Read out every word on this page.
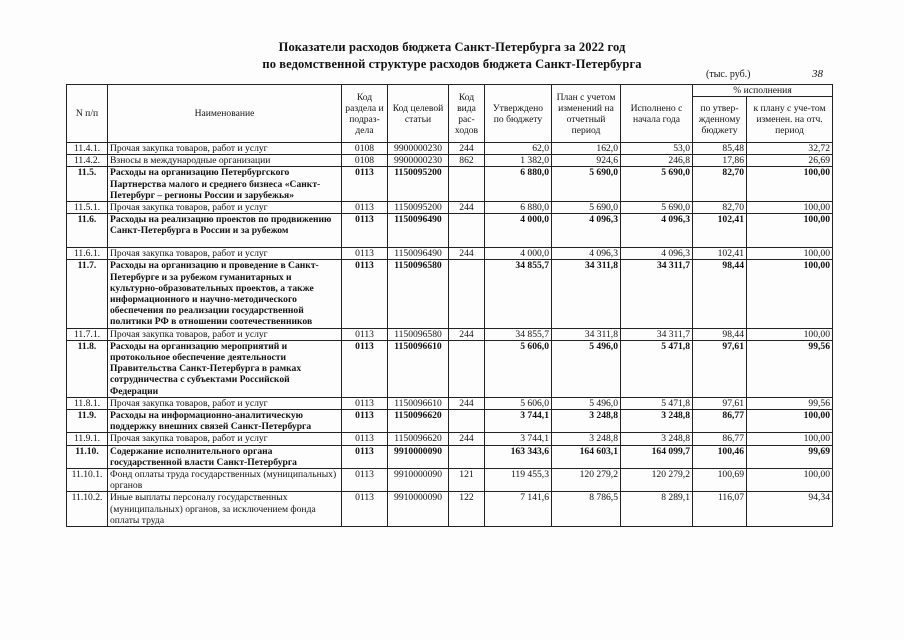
Показатели расходов бюджета Санкт-Петербурга за 2022 год
по ведомственной структуре расходов бюджета Санкт-Петербурга
(тыс. руб.)	38
N п/п	Наименование	Код раздела и подраз-дела	Код целевой статьи	Код вида рас-ходов	Утверждено по бюджету	План с учетом изменений на отчетный период	Исполнено с начала года	% исполнения	
								по утвер-жденному бюджету	к плану с уче-том изменен. на отч. период
11.4.1.	Прочая закупка товаров, работ и услуг	0108	9900000230	244	62,0	162,0	53,0	85,48	32,72
11.4.2.	Взносы в международные организации	0108	9900000230	862	1 382,0	924,6	246,8	17,86	26,69
11.5.	Расходы на организацию Петербургского Партнерства малого и среднего бизнеса «Санкт-Петербург – регионы России и зарубежья»	0113	1150095200		6 880,0	5 690,0	5 690,0	82,70	100,00
11.5.1.	Прочая закупка товаров, работ и услуг	0113	1150095200	244	6 880,0	5 690,0	5 690,0	82,70	100,00
11.6.	Расходы на реализацию проектов по продвижению Санкт-Петербурга в России и за рубежом	0113	1150096490		4 000,0	4 096,3	4 096,3	102,41	100,00
11.6.1.	Прочая закупка товаров, работ и услуг	0113	1150096490	244	4 000,0	4 096,3	4 096,3	102,41	100,00
11.7.	Расходы на организацию и проведение в Санкт-Петербурге и за рубежом гуманитарных и культурно-образовательных проектов, а также информационного и научно-методического обеспечения по реализации государственной политики РФ в отношении соотечественников	0113	1150096580		34 855,7	34 311,8	34 311,7	98,44	100,00
11.7.1.	Прочая закупка товаров, работ и услуг	0113	1150096580	244	34 855,7	34 311,8	34 311,7	98,44	100,00
11.8.	Расходы на организацию мероприятий и протокольное обеспечение деятельности Правительства Санкт-Петербурга в рамках сотрудничества с субъектами Российской Федерации	0113	1150096610		5 606,0	5 496,0	5 471,8	97,61	99,56
11.8.1.	Прочая закупка товаров, работ и услуг	0113	1150096610	244	5 606,0	5 496,0	5 471,8	97,61	99,56
11.9.	Расходы на информационно-аналитическую поддержку внешних связей Санкт-Петербурга	0113	1150096620		3 744,1	3 248,8	3 248,8	86,77	100,00
11.9.1.	Прочая закупка товаров, работ и услуг	0113	1150096620	244	3 744,1	3 248,8	3 248,8	86,77	100,00
11.10.	Содержание исполнительного органа государственной власти Санкт-Петербурга	0113	9910000090		163 343,6	164 603,1	164 099,7	100,46	99,69
11.10.1.	Фонд оплаты труда государственных (муниципальных) органов	0113	9910000090	121	119 455,3	120 279,2	120 279,2	100,69	100,00
11.10.2.	Иные выплаты персоналу государственных (муниципальных) органов, за исключением фонда оплаты труда	0113	9910000090	122	7 141,6	8 786,5	8 289,1	116,07	94,34
